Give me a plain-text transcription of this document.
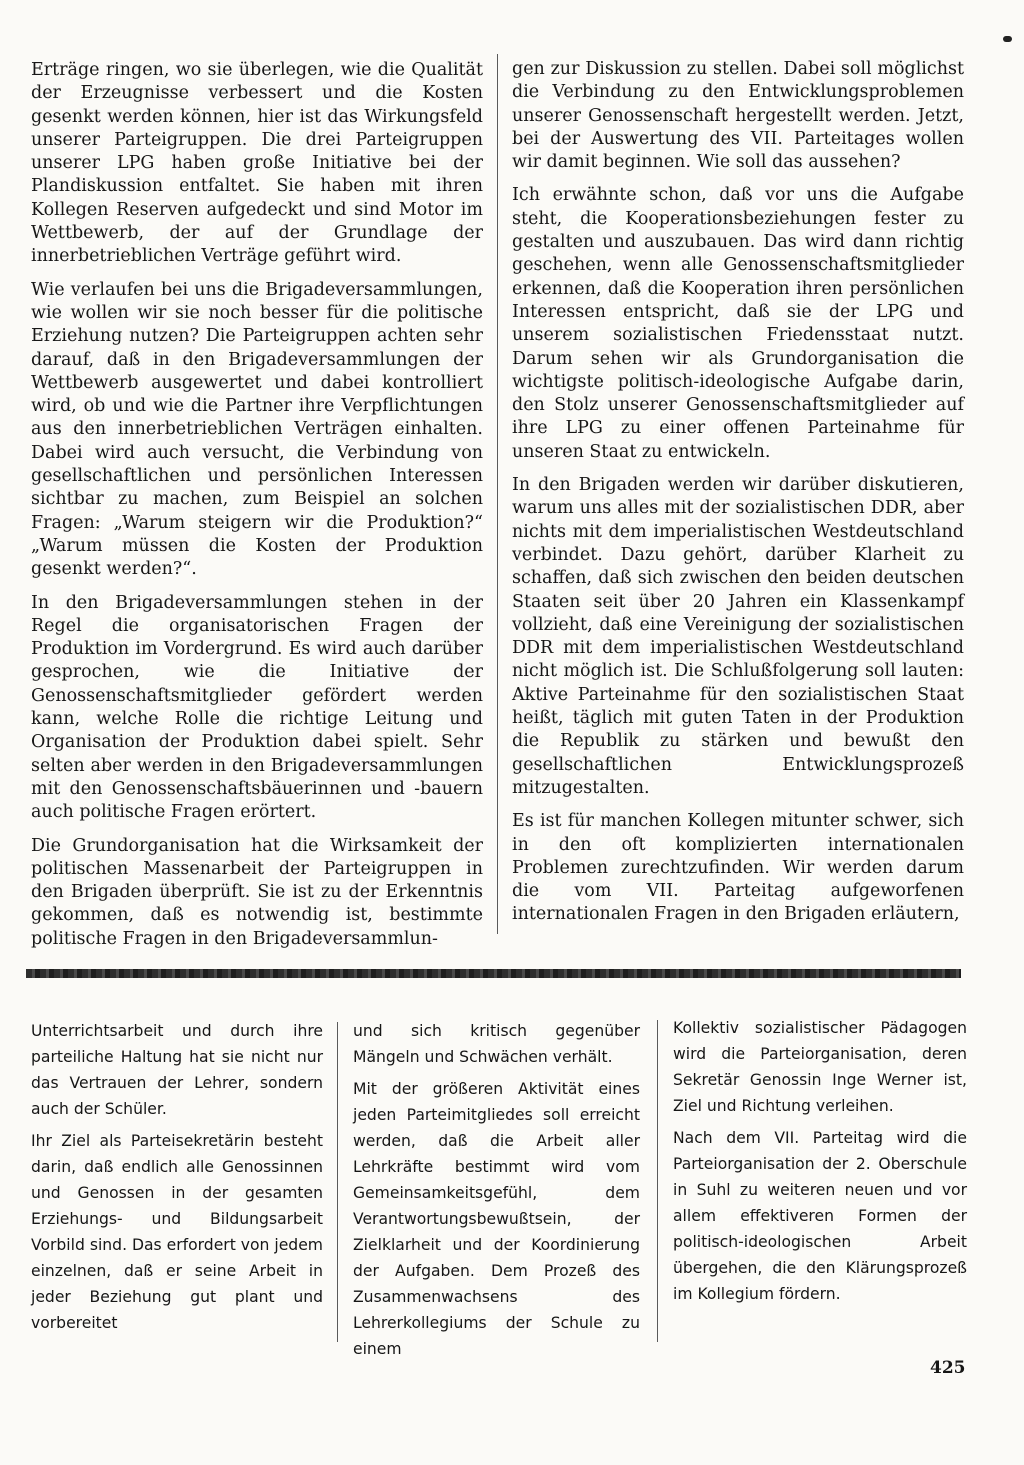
Erträge ringen, wo sie überlegen, wie die Qualität der Erzeugnisse verbessert und die Kosten gesenkt werden können, hier ist das Wirkungsfeld unserer Parteigruppen. Die drei Parteigruppen unserer LPG haben große Initiative bei der Plandiskussion entfaltet. Sie haben mit ihren Kollegen Reserven aufgedeckt und sind Motor im Wettbewerb, der auf der Grundlage der innerbetrieblichen Verträge geführt wird.

Wie verlaufen bei uns die Brigadeversammlungen, wie wollen wir sie noch besser für die politische Erziehung nutzen? Die Parteigruppen achten sehr darauf, daß in den Brigadeversammlungen der Wettbewerb ausgewertet und dabei kontrolliert wird, ob und wie die Partner ihre Verpflichtungen aus den innerbetrieblichen Verträgen einhalten. Dabei wird auch versucht, die Verbindung von gesellschaftlichen und persönlichen Interessen sichtbar zu machen, zum Beispiel an solchen Fragen: „Warum steigern wir die Produktion?“ „Warum müssen die Kosten der Produktion gesenkt werden?“.

In den Brigadeversammlungen stehen in der Regel die organisatorischen Fragen der Produktion im Vordergrund. Es wird auch darüber gesprochen, wie die Initiative der Genossenschaftsmitglieder gefördert werden kann, welche Rolle die richtige Leitung und Organisation der Produktion dabei spielt. Sehr selten aber werden in den Brigadeversammlungen mit den Genossenschaftsbäuerinnen und -bauern auch politische Fragen erörtert.

Die Grundorganisation hat die Wirksamkeit der politischen Massenarbeit der Parteigruppen in den Brigaden überprüft. Sie ist zu der Erkenntnis gekommen, daß es notwendig ist, bestimmte politische Fragen in den Brigadeversammlun-

gen zur Diskussion zu stellen. Dabei soll möglichst die Verbindung zu den Entwicklungsproblemen unserer Genossenschaft hergestellt werden. Jetzt, bei der Auswertung des VII. Parteitages wollen wir damit beginnen. Wie soll das aussehen?

Ich erwähnte schon, daß vor uns die Aufgabe steht, die Kooperationsbeziehungen fester zu gestalten und auszubauen. Das wird dann richtig geschehen, wenn alle Genossenschaftsmitglieder erkennen, daß die Kooperation ihren persönlichen Interessen entspricht, daß sie der LPG und unserem sozialistischen Friedensstaat nutzt. Darum sehen wir als Grundorganisation die wichtigste politisch-ideologische Aufgabe darin, den Stolz unserer Genossenschaftsmitglieder auf ihre LPG zu einer offenen Parteinahme für unseren Staat zu entwickeln.

In den Brigaden werden wir darüber diskutieren, warum uns alles mit der sozialistischen DDR, aber nichts mit dem imperialistischen Westdeutschland verbindet. Dazu gehört, darüber Klarheit zu schaffen, daß sich zwischen den beiden deutschen Staaten seit über 20 Jahren ein Klassenkampf vollzieht, daß eine Vereinigung der sozialistischen DDR mit dem imperialistischen Westdeutschland nicht möglich ist. Die Schlußfolgerung soll lauten: Aktive Parteinahme für den sozialistischen Staat heißt, täglich mit guten Taten in der Produktion die Republik zu stärken und bewußt den gesellschaftlichen Entwicklungsprozeß mitzugestalten.

Es ist für manchen Kollegen mitunter schwer, sich in den oft komplizierten internationalen Problemen zurechtzufinden. Wir werden darum die vom VII. Parteitag aufgeworfenen internationalen Fragen in den Brigaden erläutern,

Unterrichtsarbeit und durch ihre parteiliche Haltung hat sie nicht nur das Vertrauen der Lehrer, sondern auch der Schüler.

Ihr Ziel als Parteisekretärin besteht darin, daß endlich alle Genossinnen und Genossen in der gesamten Erziehungs- und Bildungsarbeit Vorbild sind. Das erfordert von jedem einzelnen, daß er seine Arbeit in jeder Beziehung gut plant und vorbereitet

und sich kritisch gegenüber Mängeln und Schwächen verhält.

Mit der größeren Aktivität eines jeden Parteimitgliedes soll erreicht werden, daß die Arbeit aller Lehrkräfte bestimmt wird vom Gemeinsamkeitsgefühl, dem Verantwortungsbewußtsein, der Zielklarheit und der Koordinierung der Aufgaben. Dem Prozeß des Zusammenwachsens des Lehrerkollegiums der Schule zu einem

Kollektiv sozialistischer Pädagogen wird die Parteiorganisation, deren Sekretär Genossin Inge Werner ist, Ziel und Richtung verleihen.

Nach dem VII. Parteitag wird die Parteiorganisation der 2. Oberschule in Suhl zu weiteren neuen und vor allem effektiveren Formen der politisch-ideologischen Arbeit übergehen, die den Klärungsprozeß im Kollegium fördern.

425
